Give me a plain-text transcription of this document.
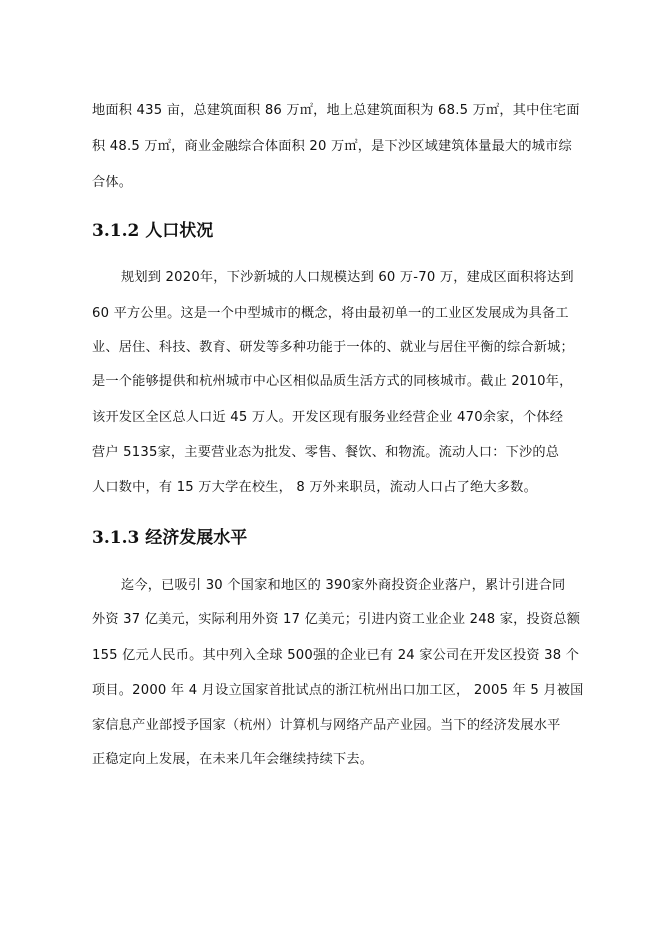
地面积 435 亩，总建筑面积 86 万㎡，地上总建筑面积为 68.5 万㎡，其中住宅面
积 48.5 万㎡，商业金融综合体面积 20 万㎡，是下沙区域建筑体量最大的城市综
合体。
3.1.2 人口状况
规划到 2020年，下沙新城的人口规模达到 60 万-70 万，建成区面积将达到
60 平方公里。这是一个中型城市的概念，将由最初单一的工业区发展成为具备工
业、居住、科技、教育、研发等多种功能于一体的、就业与居住平衡的综合新城；
是一个能够提供和杭州城市中心区相似品质生活方式的同核城市。截止 2010年，
该开发区全区总人口近 45 万人。开发区现有服务业经营企业 470余家，个体经
营户 5135家，主要营业态为批发、零售、餐饮、和物流。流动人口：下沙的总
人口数中，有 15 万大学在校生， 8 万外来职员，流动人口占了绝大多数。
3.1.3 经济发展水平
迄今，已吸引 30 个国家和地区的 390家外商投资企业落户，累计引进合同
外资 37 亿美元，实际利用外资 17 亿美元；引进内资工业企业 248 家，投资总额
155 亿元人民币。其中列入全球 500强的企业已有 24 家公司在开发区投资 38 个
项目。2000 年 4 月设立国家首批试点的浙江杭州出口加工区， 2005 年 5 月被国
家信息产业部授予国家（杭州）计算机与网络产品产业园。当下的经济发展水平
正稳定向上发展，在未来几年会继续持续下去。
